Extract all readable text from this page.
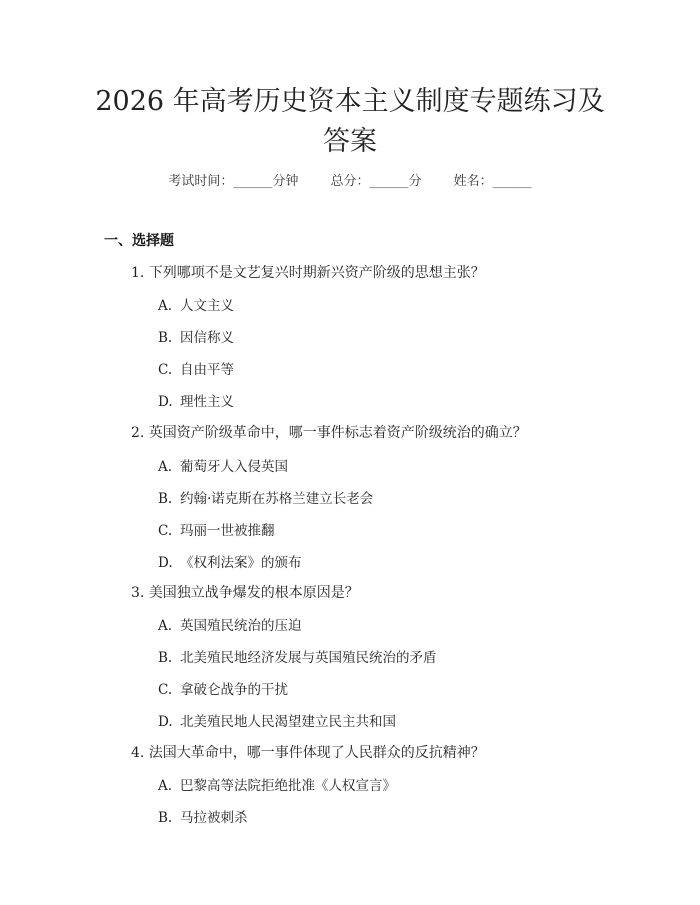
2026 年高考历史资本主义制度专题练习及答案
考试时间：______分钟 总分：______分 姓名：______
一、选择题
1. 下列哪项不是文艺复兴时期新兴资产阶级的思想主张？
A. 人文主义
B. 因信称义
C. 自由平等
D. 理性主义
2. 英国资产阶级革命中，哪一事件标志着资产阶级统治的确立？
A. 葡萄牙人入侵英国
B. 约翰·诺克斯在苏格兰建立长老会
C. 玛丽一世被推翻
D. 《权利法案》的颁布
3. 美国独立战争爆发的根本原因是？
A. 英国殖民统治的压迫
B. 北美殖民地经济发展与英国殖民统治的矛盾
C. 拿破仑战争的干扰
D. 北美殖民地人民渴望建立民主共和国
4. 法国大革命中，哪一事件体现了人民群众的反抗精神？
A. 巴黎高等法院拒绝批准《人权宣言》
B. 马拉被刺杀
